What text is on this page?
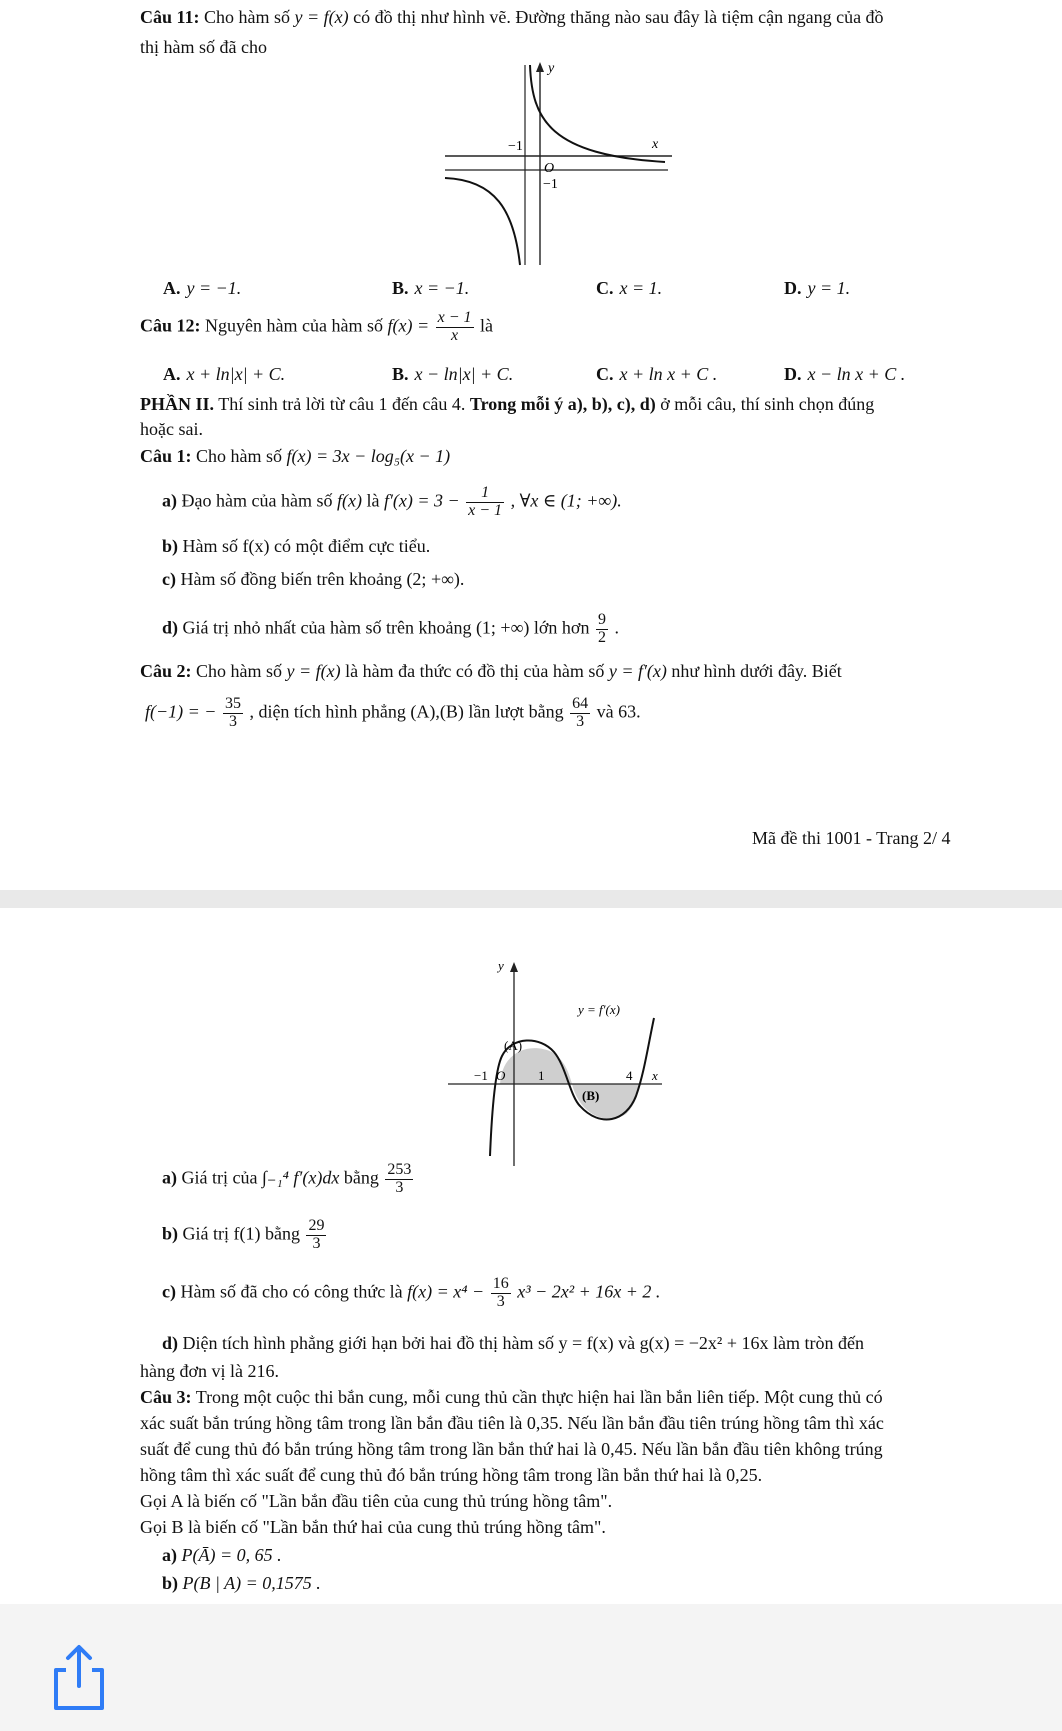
Câu 11: Cho hàm số y = f(x) có đồ thị như hình vẽ. Đường thăng nào sau đây là tiệm cận ngang của đồ
thị hàm số đã cho
y
x
O
−1
−1
A. y = −1.	B. x = −1.	C. x = 1.	D. y = 1.
Câu 12: Nguyên hàm của hàm số $f(x) = \frac{x - 1}{x}$ là
A. x + ln|x| + C.	B. x − ln|x| + C.	C. x + ln x + C .	D. x − ln x + C .
PHẦN II. Thí sinh trả lời từ câu 1 đến câu 4. Trong mỗi ý a), b), c), d) ở mỗi câu, thí sinh chọn đúng
hoặc sai.
Câu 1: Cho hàm số f(x) = 3x − log₅(x − 1)
a) Đạo hàm của hàm số f(x) là $f'(x) = 3 - \frac{1}{x - 1}$ , ∀x ∈ (1; +∞).
b) Hàm số f(x) có một điểm cực tiểu.
c) Hàm số đồng biến trên khoảng (2; +∞).
d) Giá trị nhỏ nhất của hàm số trên khoảng (1; +∞) lớn hơn $\frac{9}{2}$ .
Câu 2: Cho hàm số y = f(x) là hàm đa thức có đồ thị của hàm số y = f′(x) như hình dưới đây. Biết
f(−1) = − $\frac{35}{3}$ , diện tích hình phẳng (A),(B) lần lượt bằng $\frac{64}{3}$ và 63.
Mã đề thi 1001 - Trang 2/ 4
y
x
y = f′(x)
(A)
(B)
−1 O	1	4
a) Giá trị của ∫₋₁⁴ f′(x)dx bằng $\frac{253}{3}$
b) Giá trị f(1) bằng $\frac{29}{3}$
c) Hàm số đã cho có công thức là $f(x) = x^4 - \frac{16}{3} x^3 - 2x^2 + 16x + 2$ .
d) Diện tích hình phẳng giới hạn bởi hai đồ thị hàm số y = f(x) và g(x) = −2x² + 16x làm tròn đến
hàng đơn vị là 216.
Câu 3: Trong một cuộc thi bắn cung, mỗi cung thủ cần thực hiện hai lần bắn liên tiếp. Một cung thủ có
xác suất bắn trúng hồng tâm trong lần bắn đầu tiên là 0,35. Nếu lần bắn đầu tiên trúng hồng tâm thì xác
suất để cung thủ đó bắn trúng hồng tâm trong lần bắn thứ hai là 0,45. Nếu lần bắn đầu tiên không trúng
hồng tâm thì xác suất để cung thủ đó bắn trúng hồng tâm trong lần bắn thứ hai là 0,25.
Gọi A là biến cố "Lần bắn đầu tiên của cung thủ trúng hồng tâm".
Gọi B là biến cố "Lần bắn thứ hai của cung thủ trúng hồng tâm".
a) P(Ā) = 0, 65 .
b) P(B | A) = 0,1575 .
